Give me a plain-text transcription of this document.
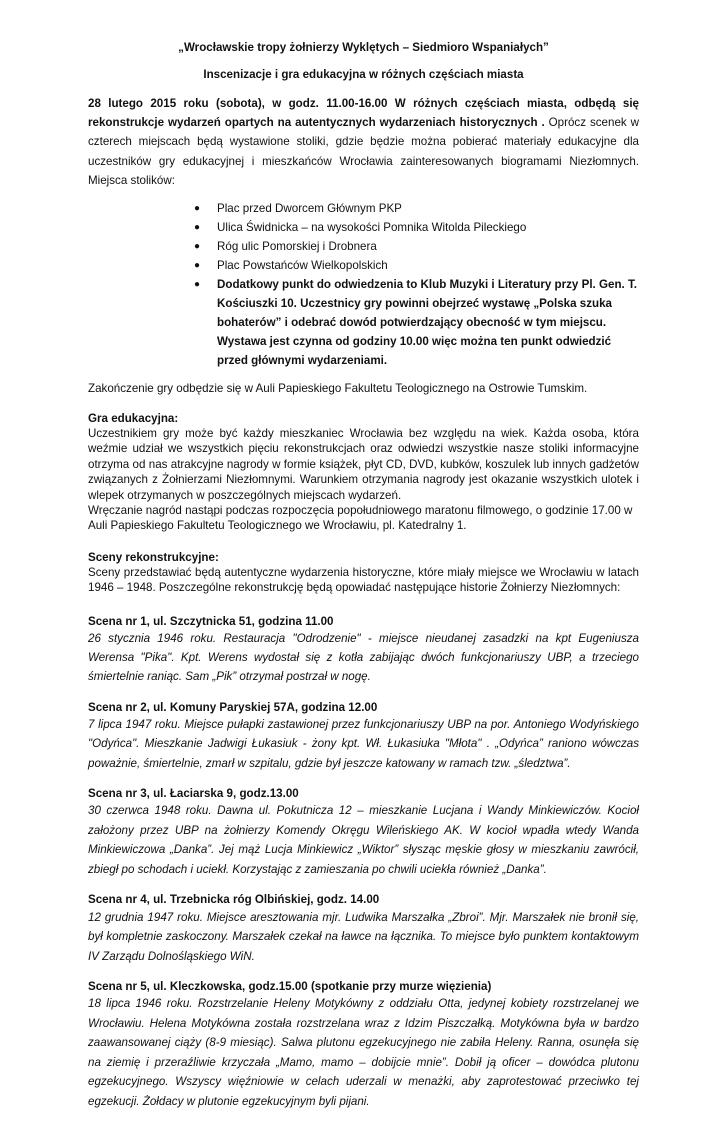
„Wrocławskie tropy żołnierzy Wyklętych – Siedmioro Wspaniałych”

Inscenizacje i gra edukacyjna w różnych częściach miasta

28 lutego 2015 roku (sobota), w godz. 11.00-16.00 W różnych częściach miasta, odbędą się rekonstrukcje wydarzeń opartych na autentycznych wydarzeniach historycznych . Oprócz scenek w czterech miejscach będą wystawione stoliki, gdzie będzie można pobierać materiały edukacyjne dla uczestników gry edukacyjnej i mieszkańców Wrocławia zainteresowanych biogramami Niezłomnych. Miejsca stolików:

● Plac przed Dworcem Głównym PKP
● Ulica Świdnicka – na wysokości Pomnika Witolda Pileckiego
● Róg ulic Pomorskiej i Drobnera
● Plac Powstańców Wielkopolskich
● Dodatkowy punkt do odwiedzenia to Klub Muzyki i Literatury przy Pl. Gen. T. Kościuszki 10. Uczestnicy gry powinni obejrzeć wystawę „Polska szuka bohaterów” i odebrać dowód potwierdzający obecność w tym miejscu. Wystawa jest czynna od godziny 10.00 więc można ten punkt odwiedzić przed głównymi wydarzeniami.

Zakończenie gry odbędzie się w Auli Papieskiego Fakultetu Teologicznego na Ostrowie Tumskim.

Gra edukacyjna:

Uczestnikiem gry może być każdy mieszkaniec Wrocławia bez względu na wiek. Każda osoba, która weźmie udział we wszystkich pięciu rekonstrukcjach oraz odwiedzi wszystkie nasze stoliki informacyjne otrzyma od nas atrakcyjne nagrody w formie książek, płyt CD, DVD, kubków, koszulek lub innych gadżetów związanych z Żołnierzami Niezłomnymi. Warunkiem otrzymania nagrody jest okazanie wszystkich ulotek i wlepek otrzymanych w poszczególnych miejscach wydarzeń.

Wręczanie nagród nastąpi podczas rozpoczęcia popołudniowego maratonu filmowego, o godzinie 17.00 w Auli Papieskiego Fakultetu Teologicznego we Wrocławiu, pl. Katedralny 1.

Sceny rekonstrukcyjne:

Sceny przedstawiać będą autentyczne wydarzenia historyczne, które miały miejsce we Wrocławiu w latach 1946 – 1948. Poszczególne rekonstrukcję będą opowiadać następujące historie Żołnierzy Niezłomnych:

Scena nr 1, ul. Szczytnicka 51, godzina 11.00

26 stycznia 1946 roku. Restauracja "Odrodzenie" - miejsce nieudanej zasadzki na kpt Eugeniusza Werensa "Pika". Kpt. Werens wydostał się z kotła zabijając dwóch funkcjonariuszy UBP, a trzeciego śmiertelnie raniąc. Sam „Pik” otrzymał postrzał w nogę.

Scena nr 2, ul. Komuny Paryskiej 57A, godzina 12.00

7 lipca 1947 roku. Miejsce pułapki zastawionej przez funkcjonariuszy UBP na por. Antoniego Wodyńskiego "Odyńca". Mieszkanie Jadwigi Łukasiuk - żony kpt. Wł. Łukasiuka "Młota" . „Odyńca” raniono wówczas poważnie, śmiertelnie, zmarł w szpitalu, gdzie był jeszcze katowany w ramach tzw. „śledztwa”.

Scena nr 3, ul. Łaciarska 9, godz.13.00

30 czerwca 1948 roku. Dawna ul. Pokutnicza 12 – mieszkanie Lucjana i Wandy Minkiewiczów. Kocioł założony przez UBP na żołnierzy Komendy Okręgu Wileńskiego AK. W kocioł wpadła wtedy Wanda Minkiewiczowa „Danka”. Jej mąż Lucja Minkiewicz „Wiktor” słysząc męskie głosy w mieszkaniu zawrócił, zbiegł po schodach i uciekł. Korzystając z zamieszania po chwili uciekła również „Danka”.

Scena nr 4, ul. Trzebnicka róg Olbińskiej, godz. 14.00

12 grudnia 1947 roku. Miejsce aresztowania mjr. Ludwika Marszałka „Zbroi”. Mjr. Marszałek nie bronił się, był kompletnie zaskoczony. Marszałek czekał na ławce na łącznika. To miejsce było punktem kontaktowym IV Zarządu Dolnośląskiego WiN.

Scena nr 5, ul. Kleczkowska, godz.15.00 (spotkanie przy murze więzienia)

18 lipca 1946 roku. Rozstrzelanie Heleny Motykówny z oddziału Otta, jedynej kobiety rozstrzelanej we Wrocławiu. Helena Motykówna została rozstrzelana wraz z Idzim Piszczałką. Motykówna była w bardzo zaawansowanej ciąży (8-9 miesiąc). Salwa plutonu egzekucyjnego nie zabiła Heleny. Ranna, osunęła się na ziemię i przeraźliwie krzyczała „Mamo, mamo – dobijcie mnie”. Dobił ją oficer – dowódca plutonu egzekucyjnego. Wszyscy więźniowie w celach uderzali w menażki, aby zaprotestować przeciwko tej egzekucji. Żołdacy w plutonie egzekucyjnym byli pijani.
